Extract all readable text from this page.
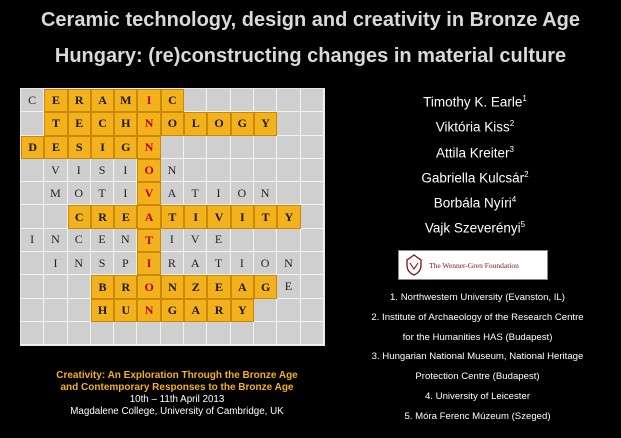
Ceramic technology, design and creativity in Bronze Age
Hungary: (re)constructing changes in material culture
C	E	R	A	M	I	C
T	E	C	H	N	O	L	O	G	Y
D	E	S	I	G	N
V	I	S	I	O	N
M	O	T	I	V	A	T	I	O	N
C	R	E	A	T	I	V	I	T	Y
I	N	C	E	N	T	I	V	E
I	N	S	P	I	R	A	T	I	O	N
B	R	O	N	Z	E	A	G	E
H	U	N	G	A	R	Y
Timothy K. Earle$^1$
Viktória Kiss$^2$
Attila Kreiter$^3$
Gabriella Kulcsár$^2$
Borbála Nyíri$^4$
Vajk Szeverényi$^5$
The Wenner-Gren Foundation
1. Northwestern University (Evanston, IL)
2. Institute of Archaeology of the Research Centre
for the Humanities HAS (Budapest)
3. Hungarian National Museum, National Heritage
Protection Centre (Budapest)
4. University of Leicester
5. Móra Ferenc Múzeum (Szeged)
Creativity: An Exploration Through the Bronze Age
and Contemporary Responses to the Bronze Age
10th – 11th April 2013
Magdalene College, University of Cambridge, UK
